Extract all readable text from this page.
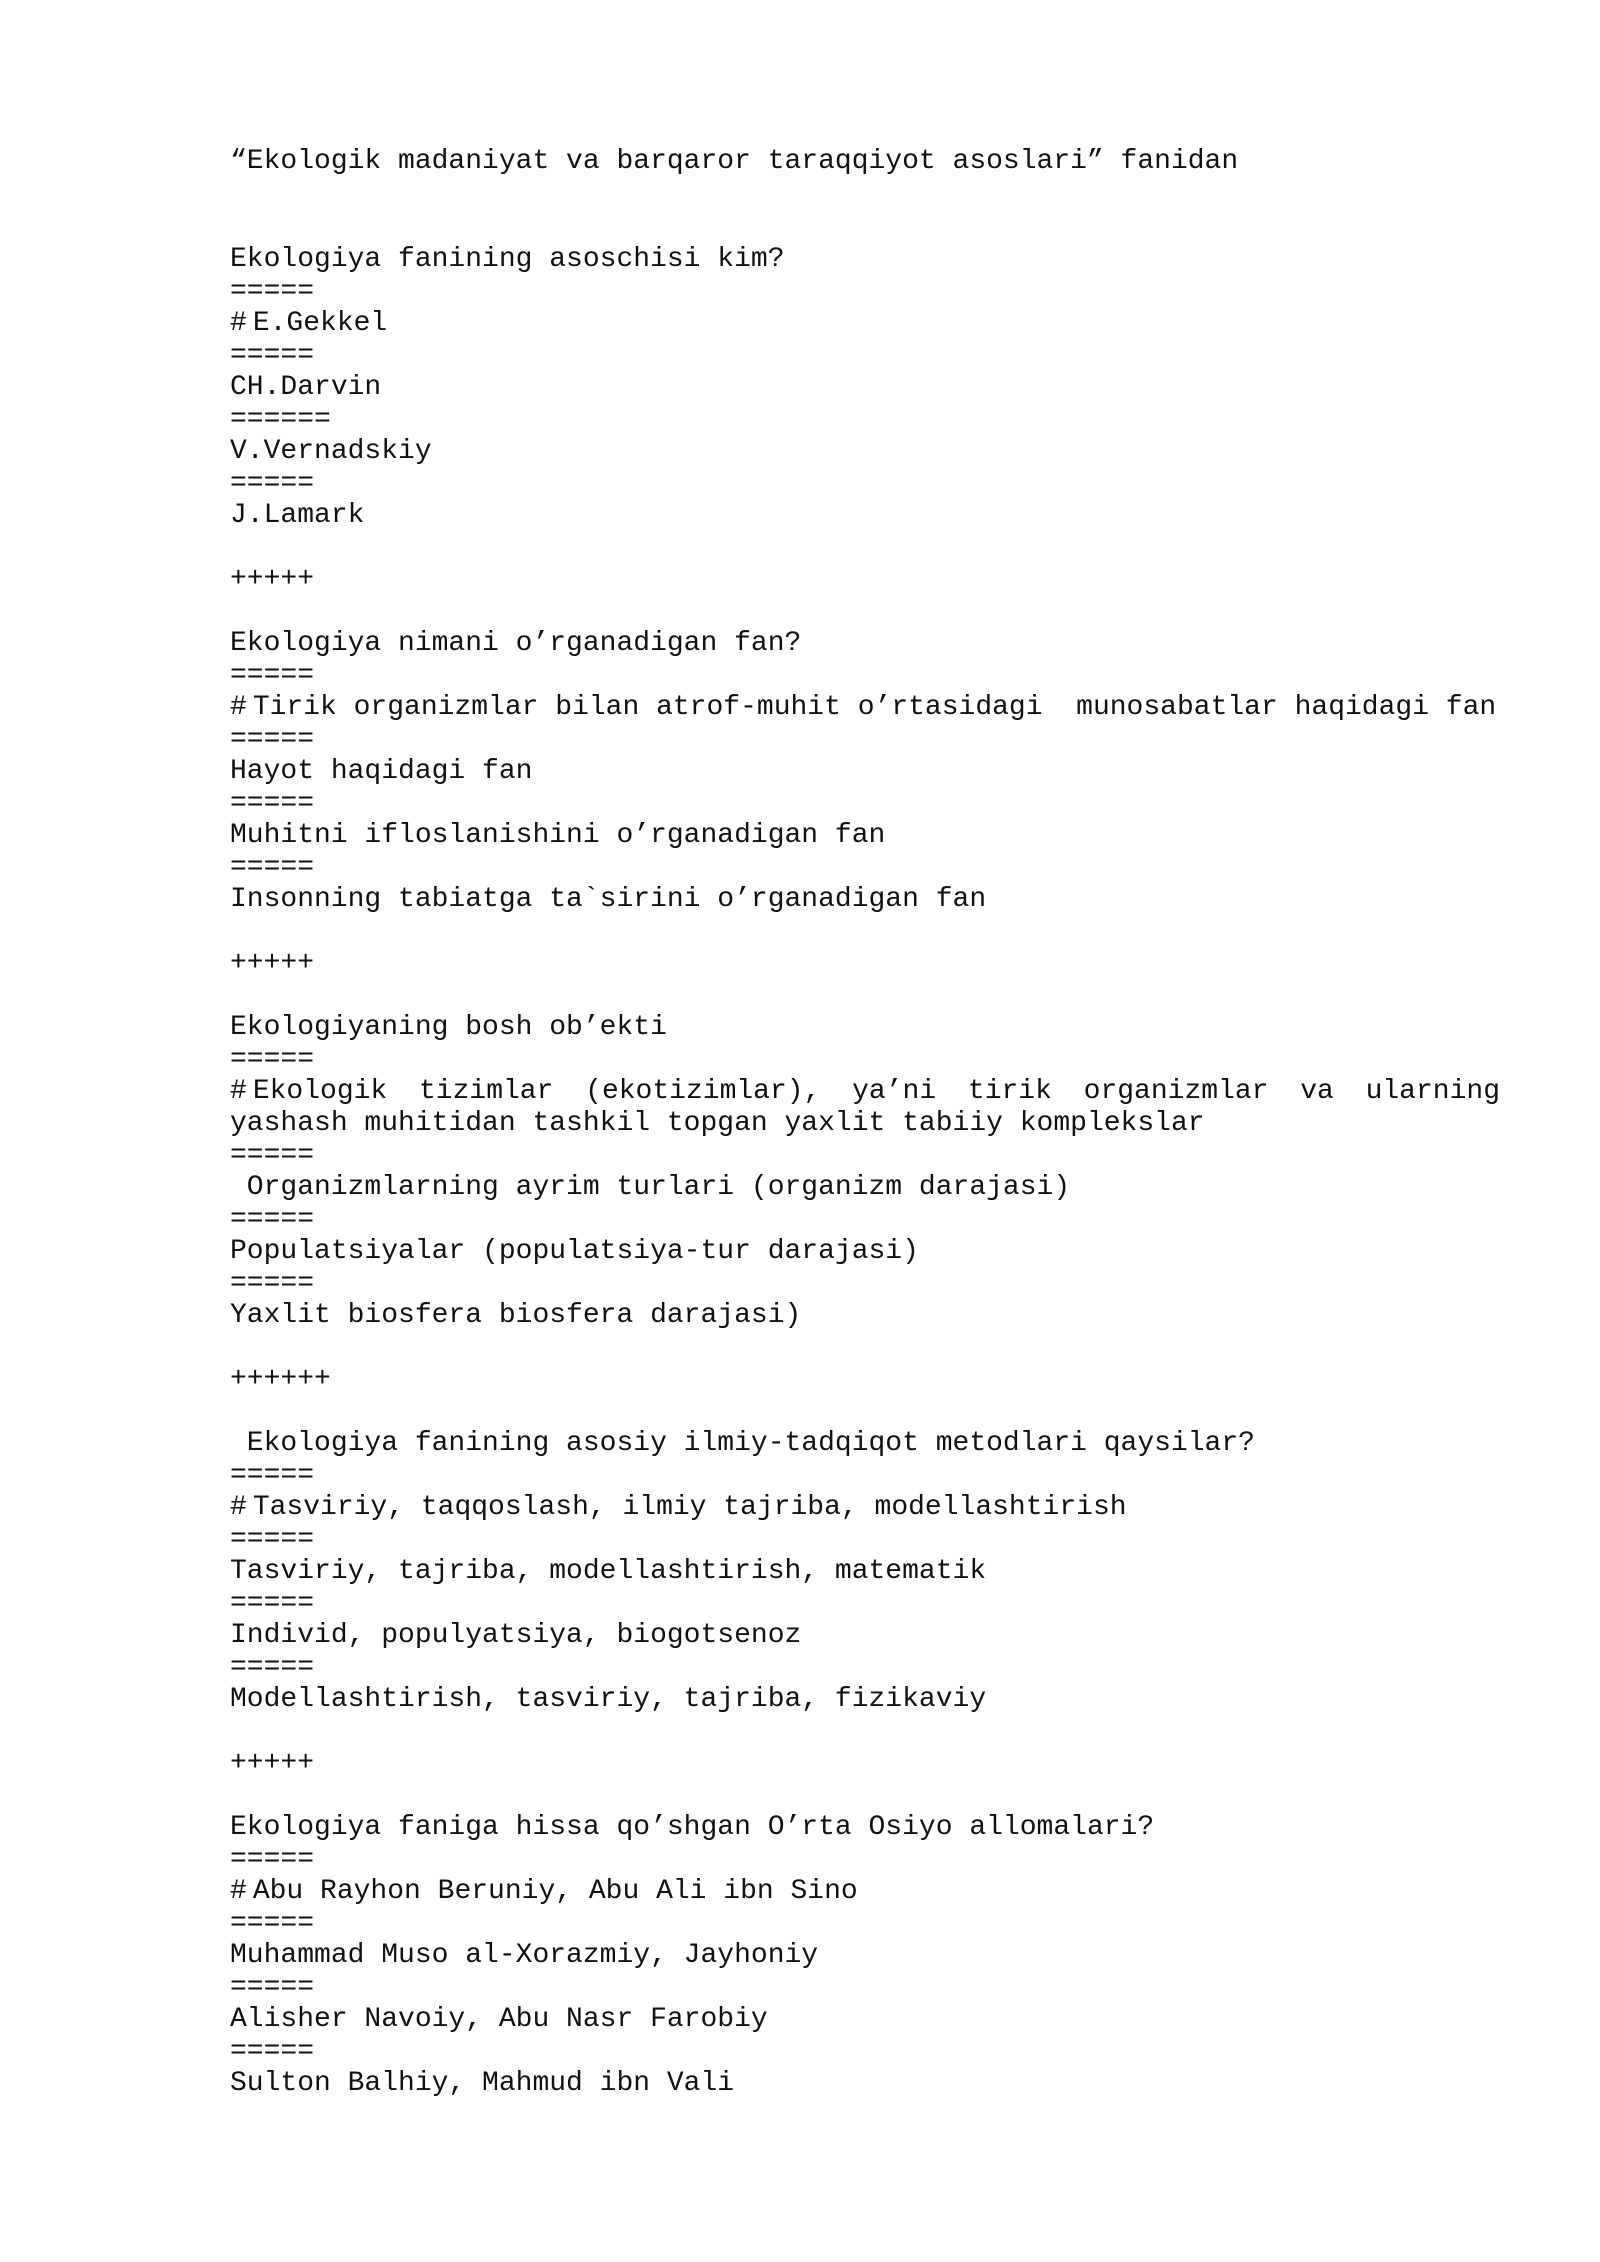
“Ekologik madaniyat va barqaror taraqqiyot asoslari” fanidan
Ekologiya fanining asoschisi kim?
=====
# E.Gekkel
=====
CH.Darvin
======
V.Vernadskiy
=====
J.Lamark
+++++
Ekologiya nimani o’rganadigan fan?
=====
# Tirik organizmlar bilan atrof-muhit o’rtasidagi  munosabatlar haqidagi fan
=====
Hayot haqidagi fan
=====
Muhitni ifloslanishini o’rganadigan fan
=====
Insonning tabiatga ta`sirini o’rganadigan fan
+++++
Ekologiyaning bosh ob’ekti
=====
# Ekologik tizimlar (ekotizimlar), ya’ni tirik organizmlar va ularning yashash muhitidan tashkil topgan yaxlit tabiiy komplekslar
=====
Organizmlarning ayrim turlari (organizm darajasi)
=====
Populatsiyalar (populatsiya-tur darajasi)
=====
Yaxlit biosfera biosfera darajasi)
++++++
Ekologiya fanining asosiy ilmiy-tadqiqot metodlari qaysilar?
=====
# Tasviriy, taqqoslash, ilmiy tajriba, modellashtirish
=====
Tasviriy, tajriba, modellashtirish, matematik
=====
Individ, populyatsiya, biogotsenoz
=====
Modellashtirish, tasviriy, tajriba, fizikaviy
+++++
Ekologiya faniga hissa qo’shgan O’rta Osiyo allomalari?
=====
# Abu Rayhon Beruniy, Abu Ali ibn Sino
=====
Muhammad Muso al-Xorazmiy, Jayhoniy
=====
Alisher Navoiy, Abu Nasr Farobiy
=====
Sulton Balhiy, Mahmud ibn Vali
